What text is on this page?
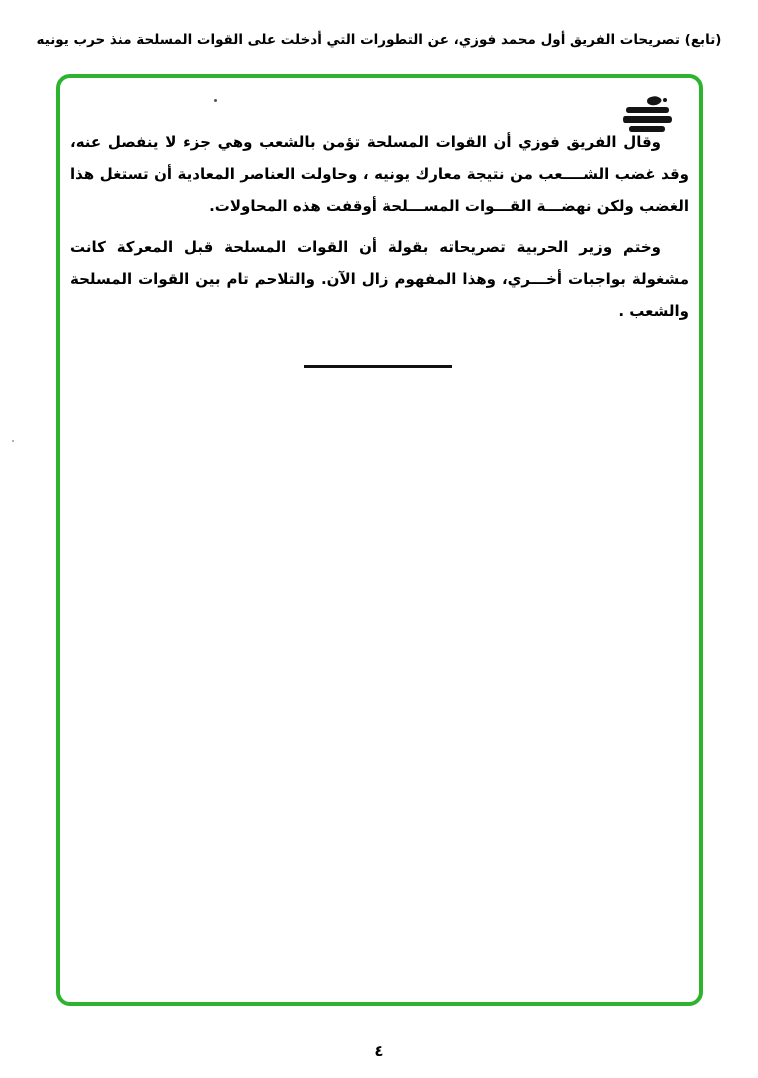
(تابع) تصريحات الفريق أول محمد فوزي، عن التطورات التي أدخلت على القوات المسلحة منذ حرب يونيه

وقال الفريق فوزي أن القوات المسلحة تؤمن بالشعب وهي جزء لا ينفصل عنه، وقد غضب الشــــعب من نتيجة معارك يونيه ، وحاولت العناصر المعادية أن تستغل هذا الغضب ولكن نهضـــة القـــوات المســـلحة أوقفت هذه المحاولات.

وختم وزير الحربية تصريحاته بقولة أن القوات المسلحة قبل المعركة كانت مشغولة بواجبات أخـــري، وهذا المفهوم زال الآن. والتلاحم تام بين القوات المسلحة والشعب .

٤
